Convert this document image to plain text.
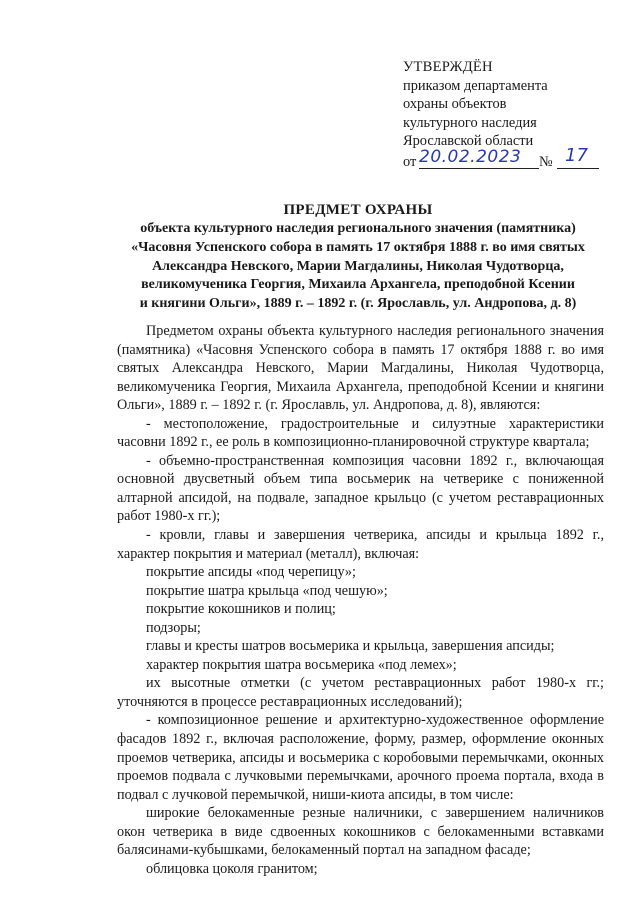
УТВЕРЖДЁН
приказом департамента
охраны объектов
культурного наследия
Ярославской области
от 20.02.2023 № 17
ПРЕДМЕТ ОХРАНЫ
объекта культурного наследия регионального значения (памятника)
«Часовня Успенского собора в память 17 октября 1888 г. во имя святых
Александра Невского, Марии Магдалины, Николая Чудотворца,
великомученика Георгия, Михаила Архангела, преподобной Ксении
и княгини Ольги», 1889 г. – 1892 г. (г. Ярославль, ул. Андропова, д. 8)

Предметом охраны объекта культурного наследия регионального значения (памятника) «Часовня Успенского собора в память 17 октября 1888 г. во имя святых Александра Невского, Марии Магдалины, Николая Чудотворца, великомученика Георгия, Михаила Архангела, преподобной Ксении и княгини Ольги», 1889 г. – 1892 г. (г. Ярославль, ул. Андропова, д. 8), являются:

- местоположение, градостроительные и силуэтные характеристики часовни 1892 г., ее роль в композиционно-планировочной структуре квартала;

- объемно-пространственная композиция часовни 1892 г., включающая основной двусветный объем типа восьмерик на четверике с пониженной алтарной апсидой, на подвале, западное крыльцо (с учетом реставрационных работ 1980-х гг.);

- кровли, главы и завершения четверика, апсиды и крыльца 1892 г., характер покрытия и материал (металл), включая:

покрытие апсиды «под черепицу»;

покрытие шатра крыльца «под чешую»;

покрытие кокошников и полиц;

подзоры;

главы и кресты шатров восьмерика и крыльца, завершения апсиды;

характер покрытия шатра восьмерика «под лемех»;

их высотные отметки (с учетом реставрационных работ 1980-х гг.; уточняются в процессе реставрационных исследований);

- композиционное решение и архитектурно-художественное оформление фасадов 1892 г., включая расположение, форму, размер, оформление оконных проемов четверика, апсиды и восьмерика с коробовыми перемычками, оконных проемов подвала с лучковыми перемычками, арочного проема портала, входа в подвал с лучковой перемычкой, ниши-киота апсиды, в том числе:

широкие белокаменные резные наличники, с завершением наличников окон четверика в виде сдвоенных кокошников с белокаменными вставками балясинами-кубышками, белокаменный портал на западном фасаде;

облицовка цоколя гранитом;
